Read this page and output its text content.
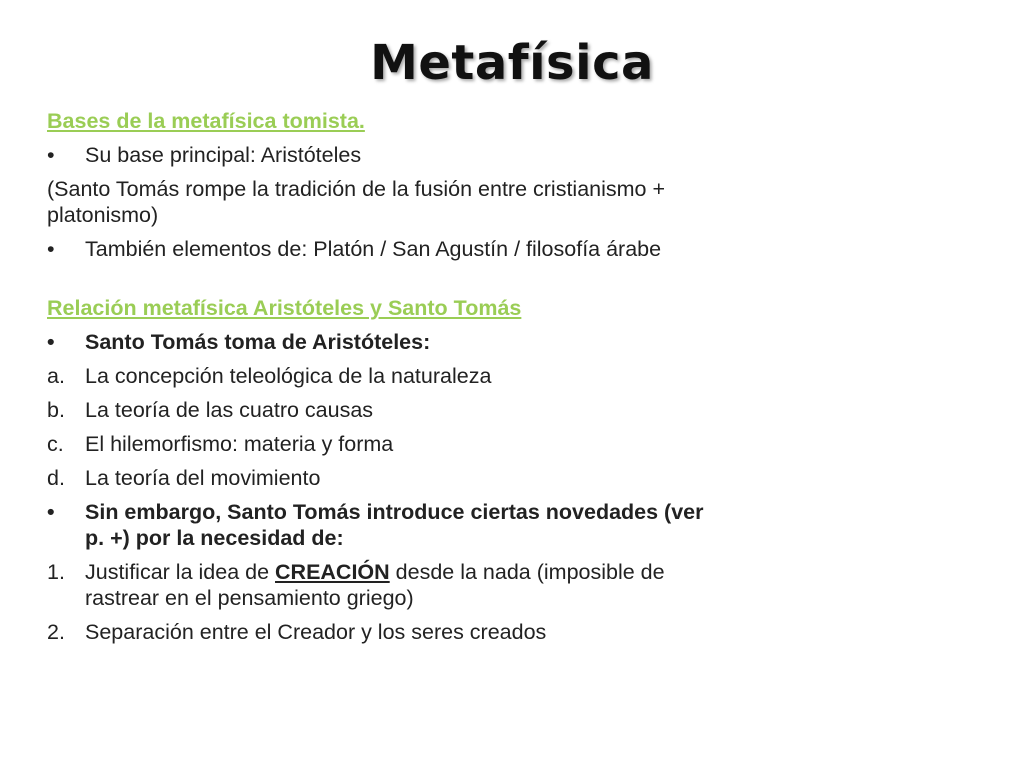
Metafísica
Bases de la metafísica tomista.
•	Su base principal: Aristóteles
(Santo Tomás rompe la tradición de la fusión entre cristianismo + platonismo)
•	También elementos de: Platón / San Agustín / filosofía árabe
Relación metafísica Aristóteles y Santo Tomás
•	Santo Tomás toma de Aristóteles:
a. La concepción teleológica de la naturaleza
b. La teoría de las cuatro causas
c. El hilemorfismo: materia y forma
d. La teoría del movimiento
•	Sin embargo, Santo Tomás introduce ciertas novedades (ver p. +) por la necesidad de:
1. Justificar la idea de CREACIÓN desde la nada (imposible de rastrear en el pensamiento griego)
2. Separación entre el Creador y los seres creados
